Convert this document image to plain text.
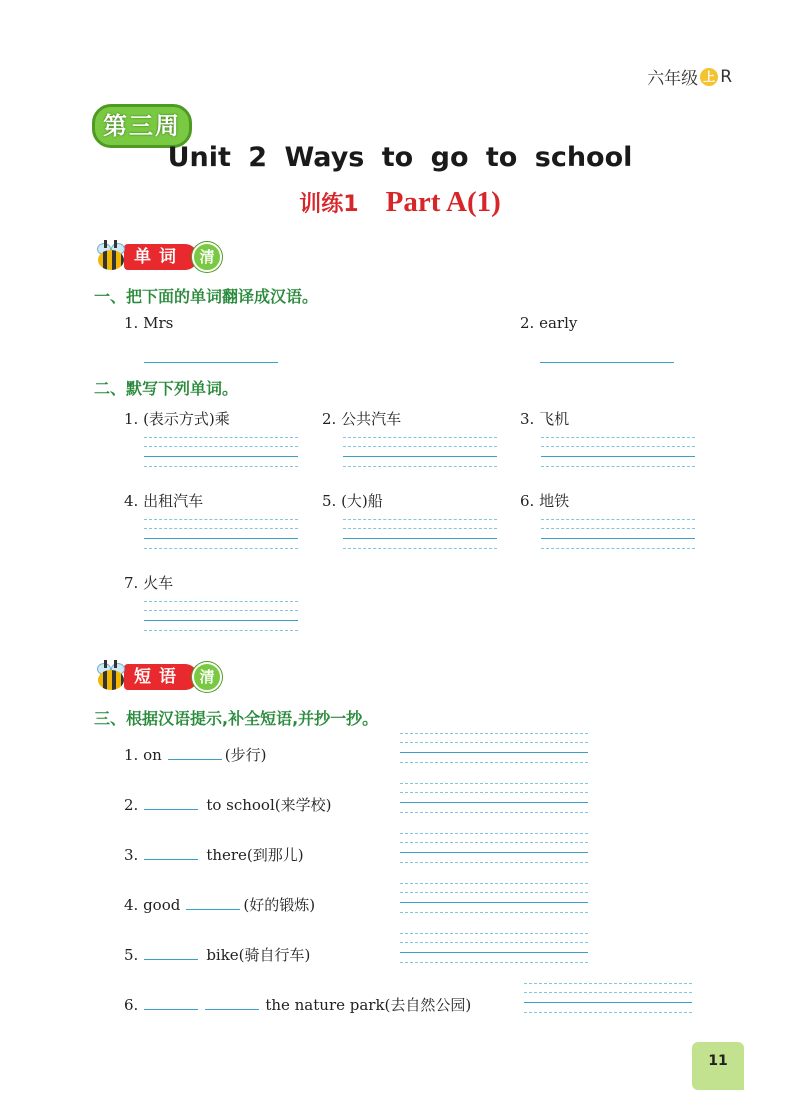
六年级 上 R
第三周
Unit 2 Ways to go to school
训练1 Part A(1)
单词	清
一、把下面的单词翻译成汉语。
1. Mrs	2. early
二、默写下列单词。
1. (表示方式)乘	2. 公共汽车	3. 飞机
4. 出租汽车	5. (大)船	6. 地铁
7. 火车
短语	清
三、根据汉语提示,补全短语,并抄一抄。
1. on	(步行)
2.	to school(来学校)
3.	there(到那儿)
4. good	(好的锻炼)
5.	bike(骑自行车)
6.	the nature park(去自然公园)
11
